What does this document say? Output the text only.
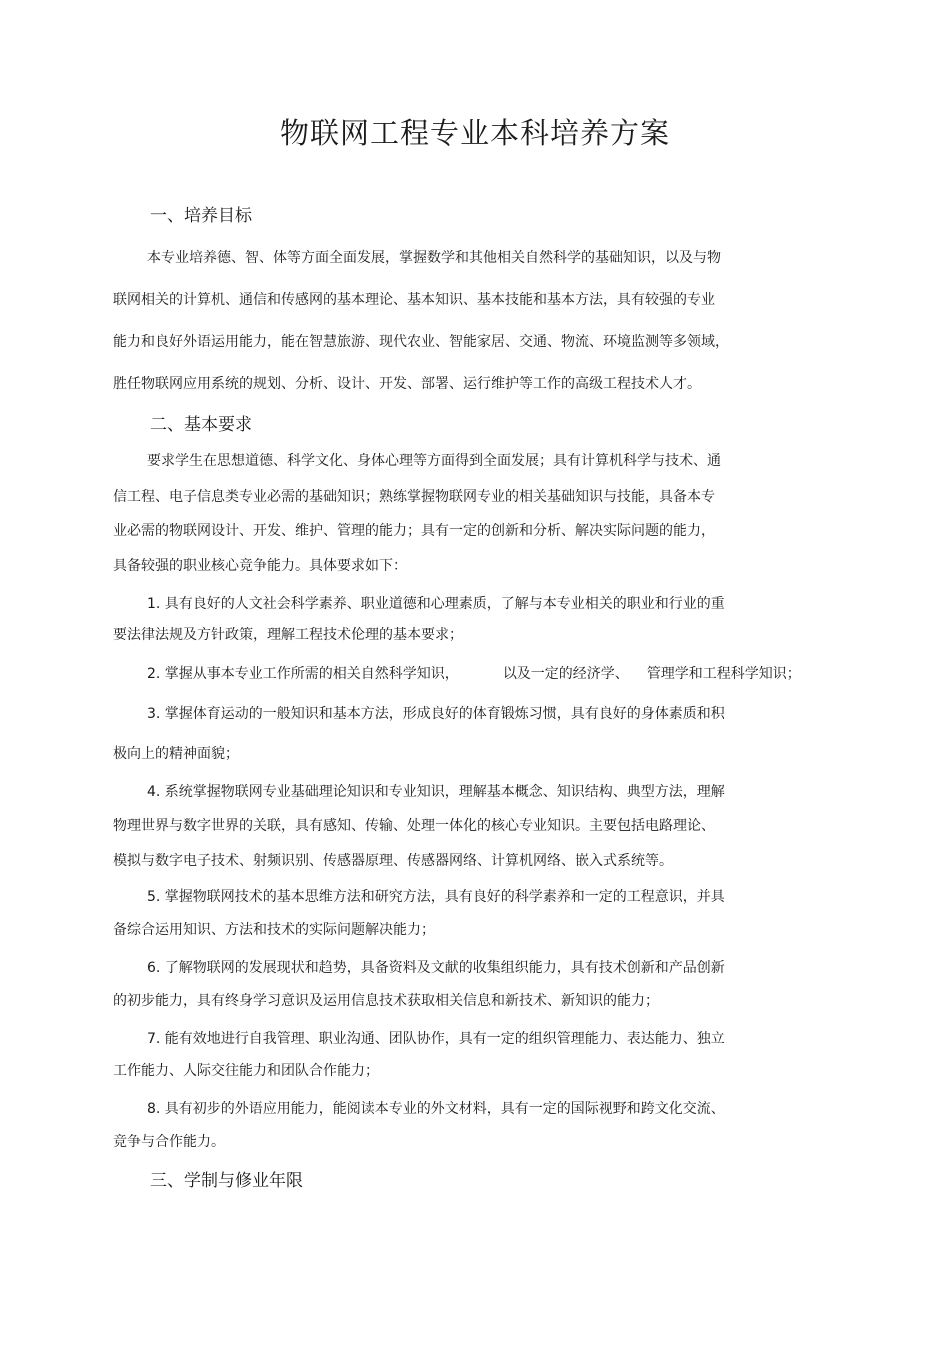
物联网工程专业本科培养方案
一、培养目标
本专业培养德、智、体等方面全面发展，掌握数学和其他相关自然科学的基础知识，以及与物
联网相关的计算机、通信和传感网的基本理论、基本知识、基本技能和基本方法，具有较强的专业
能力和良好外语运用能力，能在智慧旅游、现代农业、智能家居、交通、物流、环境监测等多领域，
胜任物联网应用系统的规划、分析、设计、开发、部署、运行维护等工作的高级工程技术人才。
二、基本要求
要求学生在思想道德、科学文化、身体心理等方面得到全面发展；具有计算机科学与技术、通
信工程、电子信息类专业必需的基础知识；熟练掌握物联网专业的相关基础知识与技能，具备本专
业必需的物联网设计、开发、维护、管理的能力；具有一定的创新和分析、解决实际问题的能力，
具备较强的职业核心竞争能力。具体要求如下：
1. 具有良好的人文社会科学素养、职业道德和心理素质，了解与本专业相关的职业和行业的重
要法律法规及方针政策，理解工程技术伦理的基本要求；
2. 掌握从事本专业工作所需的相关自然科学知识，	以及一定的经济学、 管理学和工程科学知识；
3. 掌握体育运动的一般知识和基本方法，形成良好的体育锻炼习惯，具有良好的身体素质和积
极向上的精神面貌；
4. 系统掌握物联网专业基础理论知识和专业知识，理解基本概念、知识结构、典型方法，理解
物理世界与数字世界的关联，具有感知、传输、处理一体化的核心专业知识。主要包括电路理论、
模拟与数字电子技术、射频识别、传感器原理、传感器网络、计算机网络、嵌入式系统等。
5. 掌握物联网技术的基本思维方法和研究方法，具有良好的科学素养和一定的工程意识，并具
备综合运用知识、方法和技术的实际问题解决能力；
6. 了解物联网的发展现状和趋势，具备资料及文献的收集组织能力，具有技术创新和产品创新
的初步能力，具有终身学习意识及运用信息技术获取相关信息和新技术、新知识的能力；
7. 能有效地进行自我管理、职业沟通、团队协作，具有一定的组织管理能力、表达能力、独立
工作能力、人际交往能力和团队合作能力；
8. 具有初步的外语应用能力，能阅读本专业的外文材料，具有一定的国际视野和跨文化交流、
竞争与合作能力。
三、学制与修业年限
